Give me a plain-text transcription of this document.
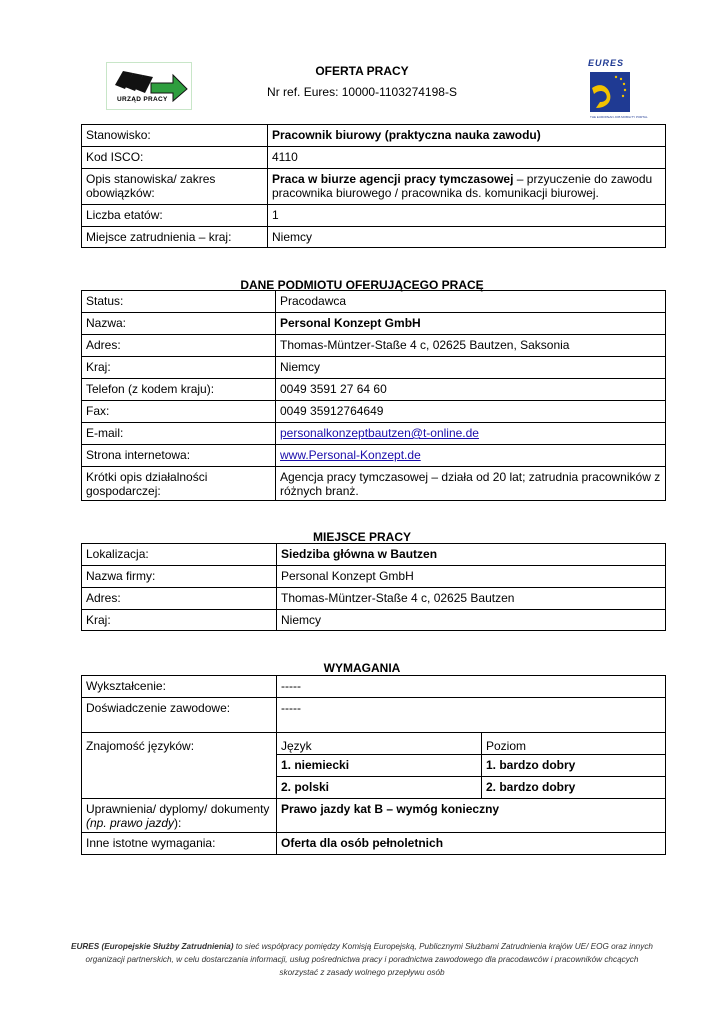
URZĄD PRACY
EURES
THE EUROPEAN JOB MOBILITY PORTAL
OFERTA PRACY
Nr ref. Eures: 10000-1103274198-S
Stanowisko:	Pracownik biurowy (praktyczna nauka zawodu)
Kod ISCO:	4110
Opis stanowiska/ zakres obowiązków:	Praca w biurze agencji pracy tymczasowej – przyuczenie do zawodu pracownika biurowego / pracownika ds. komunikacji biurowej.
Liczba etatów:	1
Miejsce zatrudnienia – kraj:	Niemcy
DANE PODMIOTU OFERUJĄCEGO PRACĘ
Status:	Pracodawca
Nazwa:	Personal Konzept GmbH
Adres:	Thomas-Müntzer-Staße 4 c, 02625 Bautzen, Saksonia
Kraj:	Niemcy
Telefon (z kodem kraju):	0049 3591 27 64 60
Fax:	0049 35912764649
E-mail:	personalkonzeptbautzen@t-online.de
Strona internetowa:	www.Personal-Konzept.de
Krótki opis działalności gospodarczej:	Agencja pracy tymczasowej – działa od 20 lat; zatrudnia pracowników z różnych branż.
MIEJSCE PRACY
Lokalizacja:	Siedziba główna w Bautzen
Nazwa firmy:	Personal Konzept GmbH
Adres:	Thomas-Müntzer-Staße 4 c, 02625 Bautzen
Kraj:	Niemcy
WYMAGANIA
Wykształcenie:	-----	
Doświadczenie zawodowe:	-----	
Znajomość języków:	Język	Poziom
	1. niemiecki	1. bardzo dobry
	2. polski	2. bardzo dobry
Uprawnienia/ dyplomy/ dokumenty
(np. prawo jazdy):	Prawo jazdy kat B – wymóg konieczny	
Inne istotne wymagania:	Oferta dla osób pełnoletnich	
EURES (Europejskie Służby Zatrudnienia) to sieć współpracy pomiędzy Komisją Europejską, Publicznymi Służbami Zatrudnienia krajów UE/ EOG oraz innych organizacji partnerskich, w celu dostarczania informacji, usług pośrednictwa pracy i poradnictwa zawodowego dla pracodawców i pracowników chcących skorzystać z zasady wolnego przepływu osób
